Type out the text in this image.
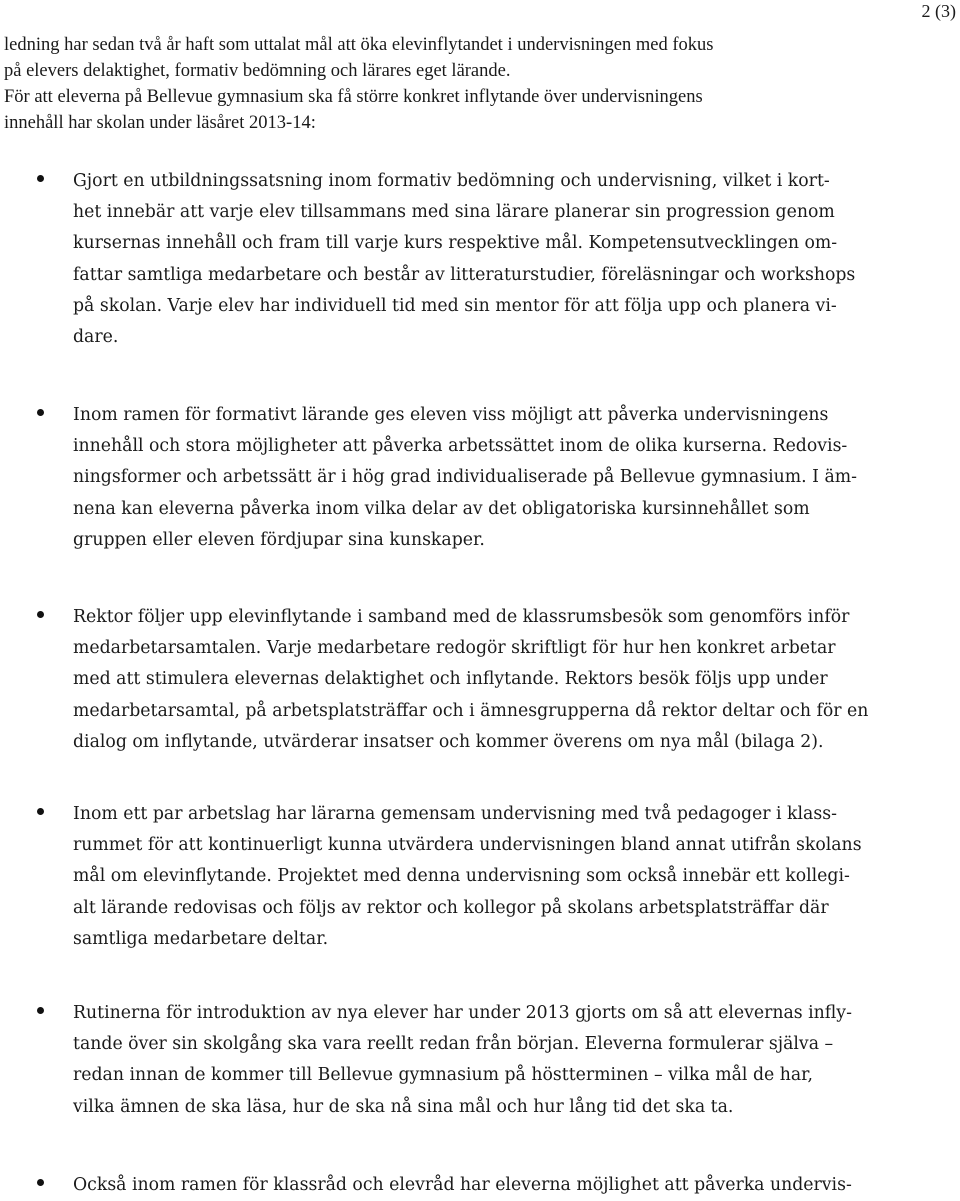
2 (3)
ledning har sedan två år haft som uttalat mål att öka elevinflytandet i undervisningen med fokus
på elevers delaktighet, formativ bedömning och lärares eget lärande.
För att eleverna på Bellevue gymnasium ska få större konkret inflytande över undervisningens
innehåll har skolan under läsåret 2013-14:

Gjort en utbildningssatsning inom formativ bedömning och undervisning, vilket i kort-
het innebär att varje elev tillsammans med sina lärare planerar sin progression genom
kursernas innehåll och fram till varje kurs respektive mål. Kompetensutvecklingen om-
fattar samtliga medarbetare och består av litteraturstudier, föreläsningar och workshops
på skolan. Varje elev har individuell tid med sin mentor för att följa upp och planera vi-
dare.

Inom ramen för formativt lärande ges eleven viss möjligt att påverka undervisningens
innehåll och stora möjligheter att påverka arbetssättet inom de olika kurserna. Redovis-
ningsformer och arbetssätt är i hög grad individualiserade på Bellevue gymnasium. I äm-
nena kan eleverna påverka inom vilka delar av det obligatoriska kursinnehållet som
gruppen eller eleven fördjupar sina kunskaper.

Rektor följer upp elevinflytande i samband med de klassrumsbesök som genomförs inför
medarbetarsamtalen. Varje medarbetare redogör skriftligt för hur hen konkret arbetar
med att stimulera elevernas delaktighet och inflytande. Rektors besök följs upp under
medarbetarsamtal, på arbetsplatsträffar och i ämnesgrupperna då rektor deltar och för en
dialog om inflytande, utvärderar insatser och kommer överens om nya mål (bilaga 2).

Inom ett par arbetslag har lärarna gemensam undervisning med två pedagoger i klass-
rummet för att kontinuerligt kunna utvärdera undervisningen bland annat utifrån skolans
mål om elevinflytande. Projektet med denna undervisning som också innebär ett kollegi-
alt lärande redovisas och följs av rektor och kollegor på skolans arbetsplatsträffar där
samtliga medarbetare deltar.

Rutinerna för introduktion av nya elever har under 2013 gjorts om så att elevernas infly-
tande över sin skolgång ska vara reellt redan från början. Eleverna formulerar själva –
redan innan de kommer till Bellevue gymnasium på höstterminen – vilka mål de har,
vilka ämnen de ska läsa, hur de ska nå sina mål och hur lång tid det ska ta.

Också inom ramen för klassråd och elevråd har eleverna möjlighet att påverka undervis-
